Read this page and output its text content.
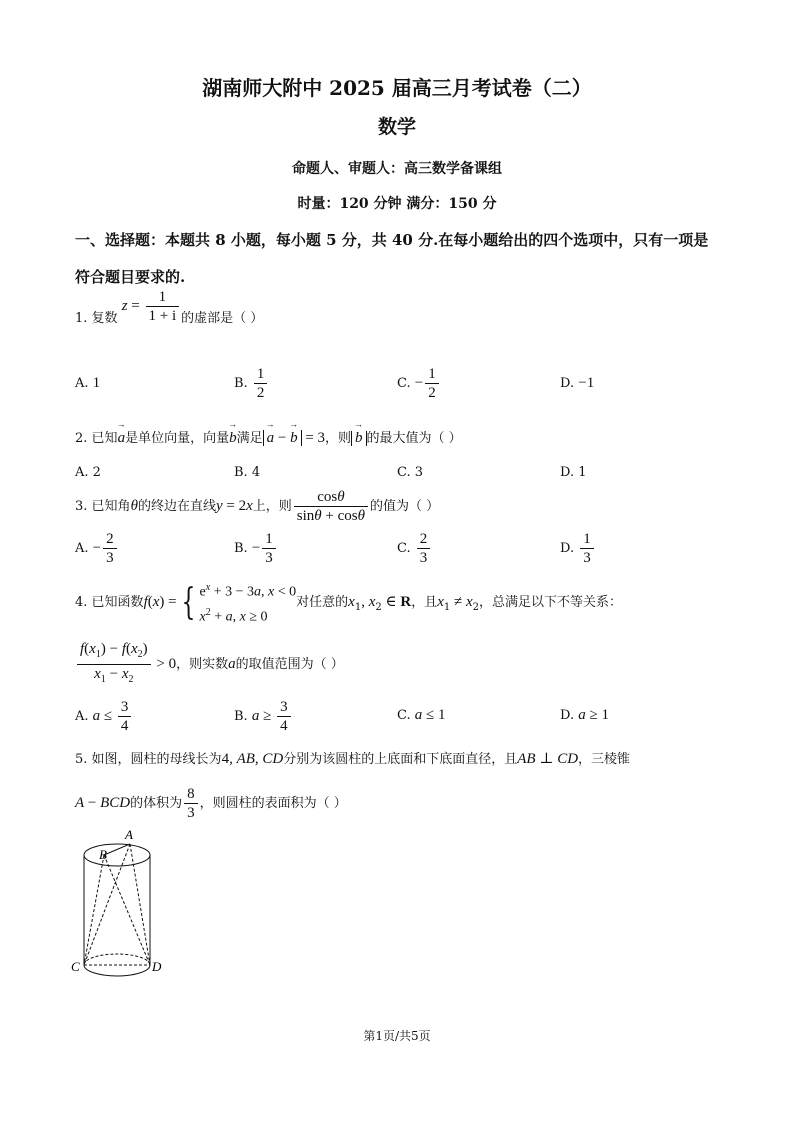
湖南师大附中 2025 届高三月考试卷（二）
数学
命题人、审题人：高三数学备课组
时量：120 分钟 满分：150 分
一、选择题：本题共 8 小题，每小题 5 分，共 40 分.在每小题给出的四个选项中，只有一项是
符合题目要求的.
1. 复数 $z = \frac{1}{1 + i}$ 的虚部是（ ）
A. 1	B. $\frac{1}{2}$	C. − $\frac{1}{2}$	D. −1
2. 已知→ a是单位向量，向量→ b满足 → a − → b = 3，则 → b 的最大值为（ ）
A. 2	B. 4	C. 3	D. 1
3. 已知角θ的终边在直线y = 2x上，则 $\frac{\cos\theta}{\sin\theta + \cos\theta}$ 的值为（ ）
A. − $\frac{2}{3}$	B. − $\frac{1}{3}$	C. $\frac{2}{3}$	D. $\frac{1}{3}$
4. 已知函数f(x) = { $e^x + 3 - 3a$, x < 0
$x^2 + a$, x ≥ 0
对任意的$x_1$, $x_2$ ∈ R，且$x_1 \ne x_2$，总满足以下不等关系：
$\frac{f(x_1) - f(x_2)}{x_1 - x_2} > 0$，则实数a的取值范围为（ ）
A. $a \le \frac{3}{4}$	B. $a \ge \frac{3}{4}$	C. a ≤ 1	D. a ≥ 1
5. 如图，圆柱的母线长为4, AB, CD分别为该圆柱的上底面和下底面直径，且AB ⊥ CD，三棱锥
A − BCD的体积为 $\frac{8}{3}$ ，则圆柱的表面积为（ ）
A
B
C	D
第1页/共5页
